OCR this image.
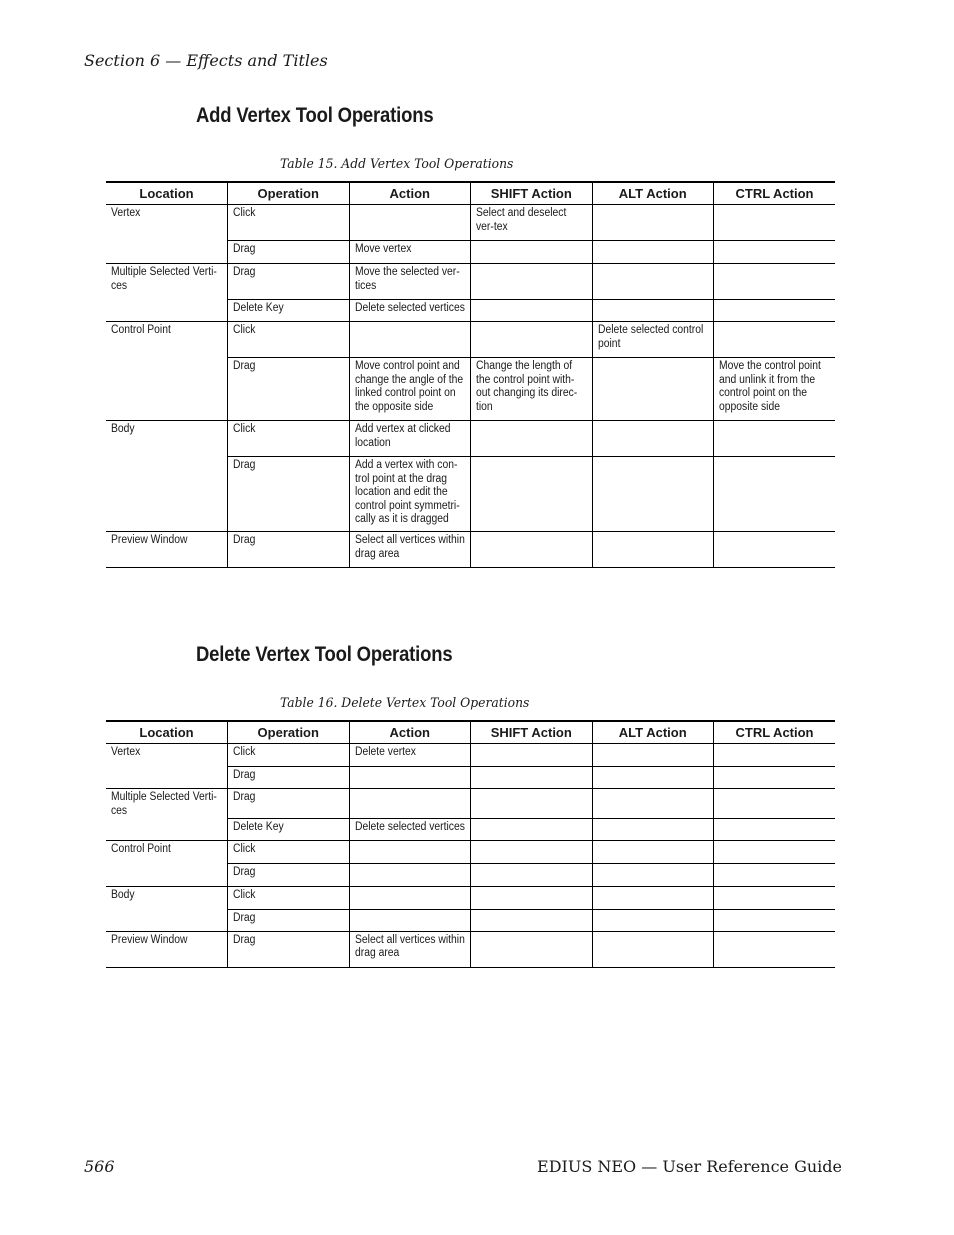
Section 6 — Effects and Titles
Add Vertex Tool Operations
Table 15. Add Vertex Tool Operations
Location	Operation	Action	SHIFT Action	ALT Action	CTRL Action

Vertex	Click		Select and deselect ver-tex		

	Drag	Move vertex			

Multiple Selected Verti-ces	Drag	Move the selected ver-tices			

	Delete Key	Delete selected vertices			

Control Point	Click			Delete selected control point	

	Drag	Move control point and change the angle of the linked control point on the opposite side	Change the length of the control point with-out changing its direc-tion		Move the control point and unlink it from the control point on the opposite side

Body	Click	Add vertex at clicked location			

	Drag	Add a vertex with con-trol point at the drag location and edit the control point symmetri-cally as it is dragged			

Preview Window	Drag	Select all vertices within drag area			

Delete Vertex Tool Operations
Table 16. Delete Vertex Tool Operations
Location	Operation	Action	SHIFT Action	ALT Action	CTRL Action

Vertex	Click	Delete vertex			

	Drag				

Multiple Selected Verti-ces	Drag				

	Delete Key	Delete selected vertices			

Control Point	Click				

	Drag				

Body	Click				

	Drag				

Preview Window	Drag	Select all vertices within drag area			

566	EDIUS NEO — User Reference Guide
